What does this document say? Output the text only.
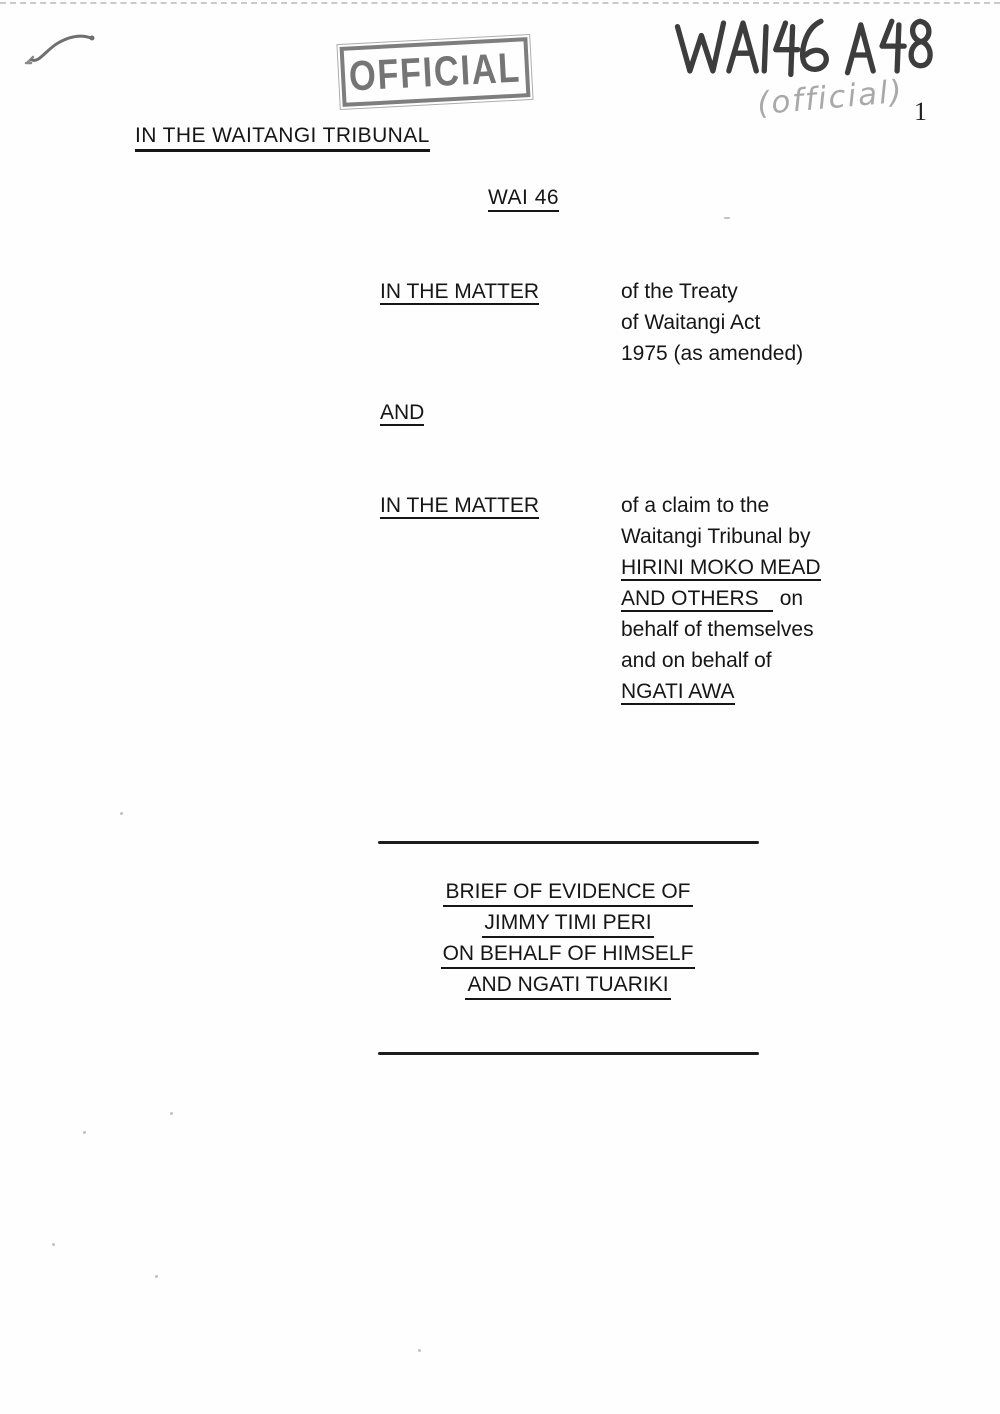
OFFICIAL	(official) 1
IN THE WAITANGI TRIBUNAL
WAI 46
IN THE MATTER	of the Treaty
of Waitangi Act
1975 (as amended)
AND
IN THE MATTER	of a claim to the
Waitangi Tribunal by
HIRINI MOKO MEAD
AND OTHERS on
behalf of themselves
and on behalf of
NGATI AWA
BRIEF OF EVIDENCE OF
JIMMY TIMI PERI
ON BEHALF OF HIMSELF
AND NGATI TUARIKI
